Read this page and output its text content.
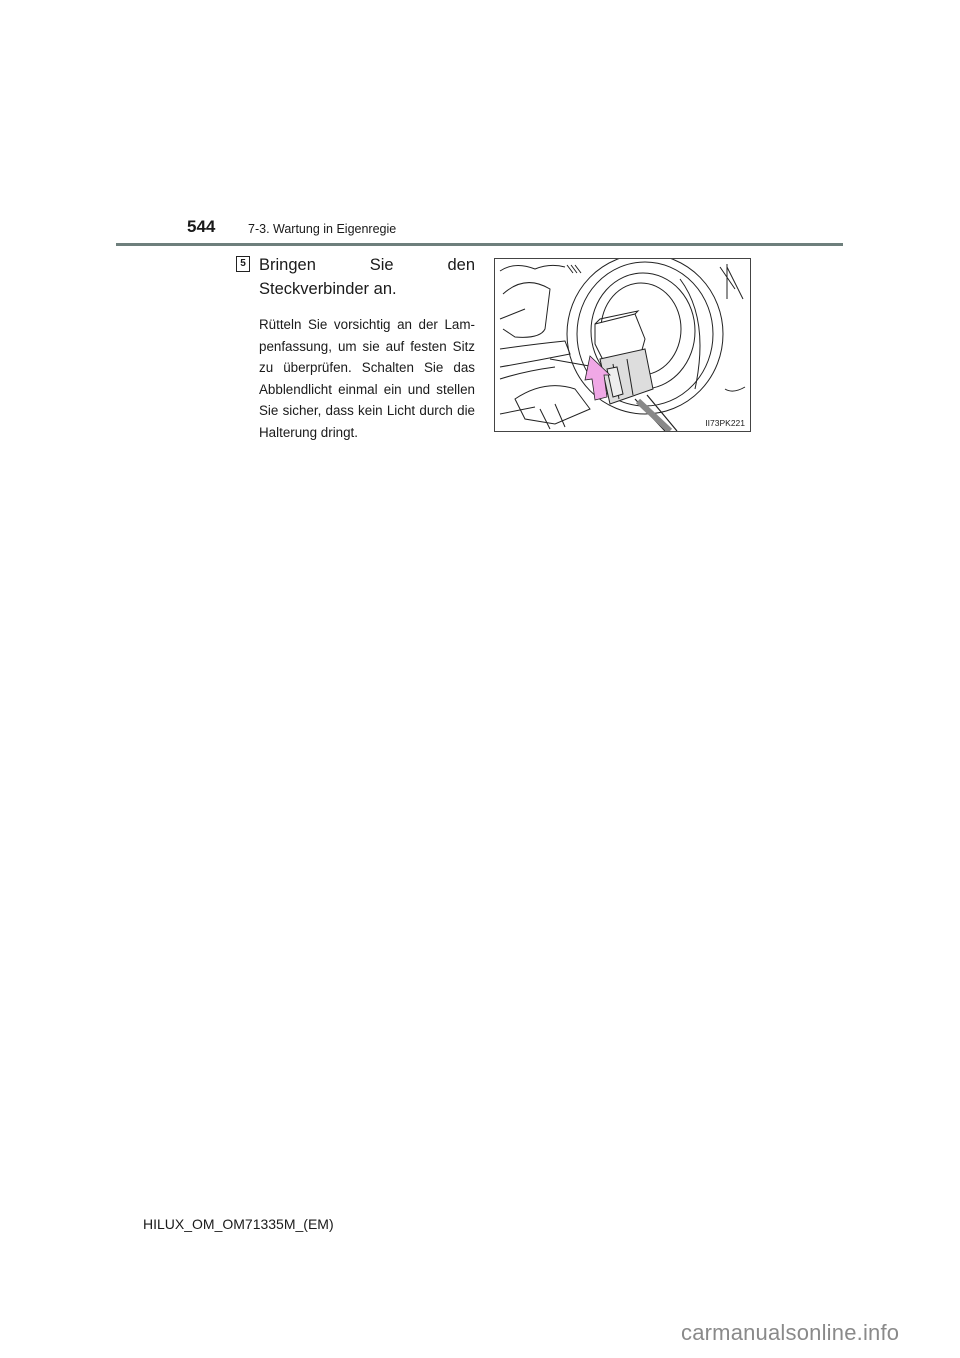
544	7-3. Wartung in Eigenregie
5 Bringen Sie den Steckverbinder an.
Rütteln Sie vorsichtig an der Lampenfassung, um sie auf festen Sitz zu überprüfen. Schalten Sie das Abblendlicht einmal ein und stellen Sie sicher, dass kein Licht durch die Halterung dringt.
II73PK221
HILUX_OM_OM71335M_(EM)
carmanualsonline.info
